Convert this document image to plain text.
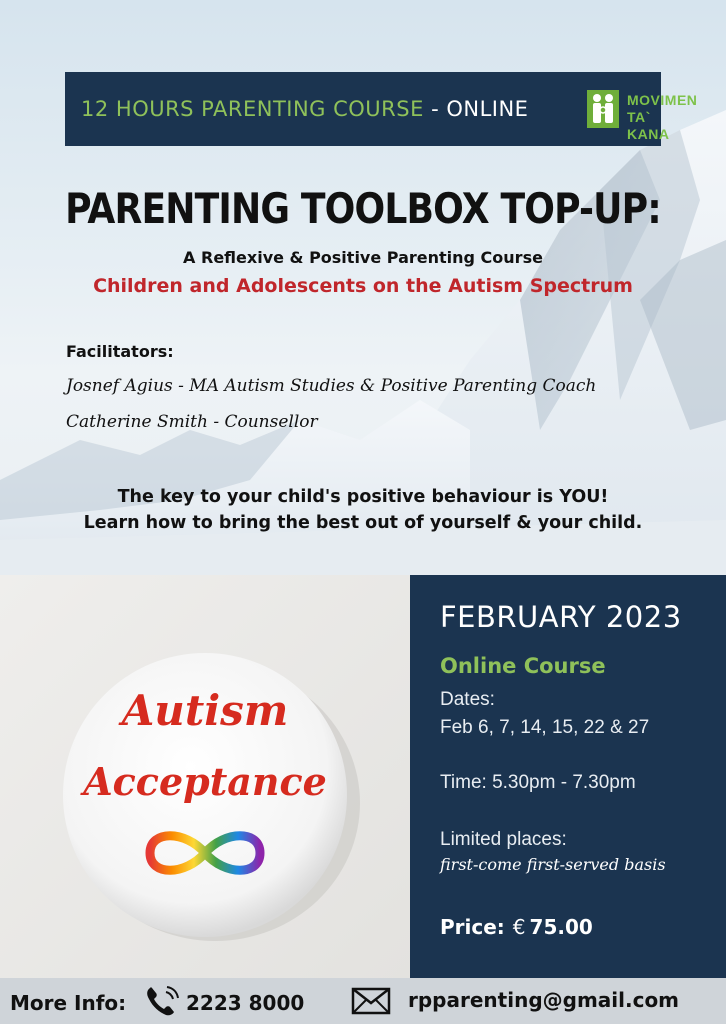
12 HOURS PARENTING COURSE - ONLINE	MOVIMEN
TA` KANA
PARENTING TOOLBOX TOP-UP:
A Reflexive & Positive Parenting Course
Children and Adolescents on the Autism Spectrum
Facilitators:
Josnef Agius - MA Autism Studies & Positive Parenting Coach
Catherine Smith - Counsellor
The key to your child's positive behaviour is YOU!
Learn how to bring the best out of yourself & your child.
Autism
Acceptance
FEBRUARY 2023
Online Course
Dates:
Feb 6, 7, 14, 15, 22 & 27
Time: 5.30pm - 7.30pm
Limited places:
first-come first-served basis
Price: € 75.00
More Info:	2223 8000	rpparenting@gmail.com
